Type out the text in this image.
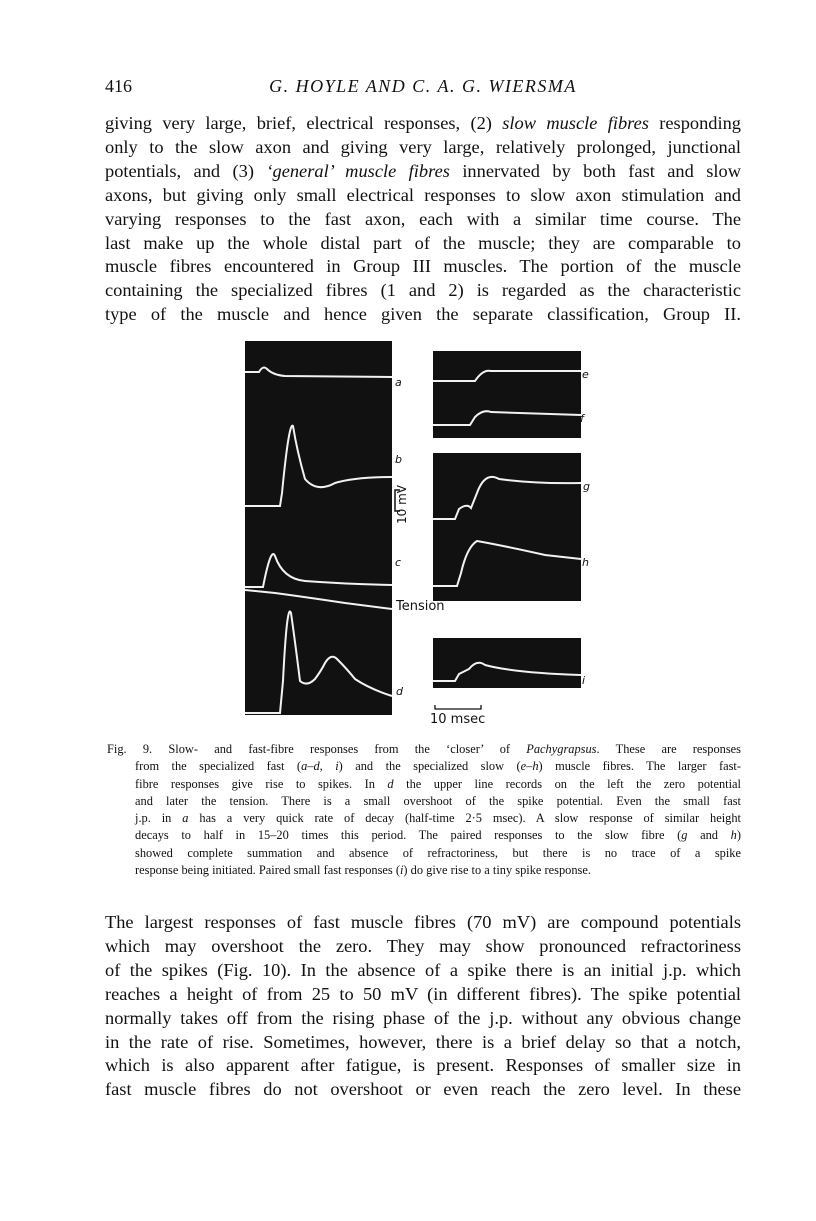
416	G. HOYLE AND C. A. G. WIERSMA
giving very large, brief, electrical responses, (2) slow muscle fibres responding
only to the slow axon and giving very large, relatively prolonged, junctional
potentials, and (3) ‘general’ muscle fibres innervated by both fast and slow
axons, but giving only small electrical responses to slow axon stimulation and
varying responses to the fast axon, each with a similar time course. The
last make up the whole distal part of the muscle; they are comparable to
muscle fibres encountered in Group III muscles. The portion of the muscle
containing the specialized fibres (1 and 2) is regarded as the characteristic
type of the muscle and hence given the separate classification, Group II.
a
b
c
Tension
d
e
f
g
h
i
10 mV
10 msec
Fig. 9. Slow- and fast-fibre responses from the ‘closer’ of Pachygrapsus. These are responses
from the specialized fast (a–d, i) and the specialized slow (e–h) muscle fibres. The larger fast-
fibre responses give rise to spikes. In d the upper line records on the left the zero potential
and later the tension. There is a small overshoot of the spike potential. Even the small fast
j.p. in a has a very quick rate of decay (half-time 2·5 msec). A slow response of similar height
decays to half in 15–20 times this period. The paired responses to the slow fibre (g and h)
showed complete summation and absence of refractoriness, but there is no trace of a spike
response being initiated. Paired small fast responses (i) do give rise to a tiny spike response.
The largest responses of fast muscle fibres (70 mV) are compound potentials
which may overshoot the zero. They may show pronounced refractoriness
of the spikes (Fig. 10). In the absence of a spike there is an initial j.p. which
reaches a height of from 25 to 50 mV (in different fibres). The spike potential
normally takes off from the rising phase of the j.p. without any obvious change
in the rate of rise. Sometimes, however, there is a brief delay so that a notch,
which is also apparent after fatigue, is present. Responses of smaller size in
fast muscle fibres do not overshoot or even reach the zero level. In these
